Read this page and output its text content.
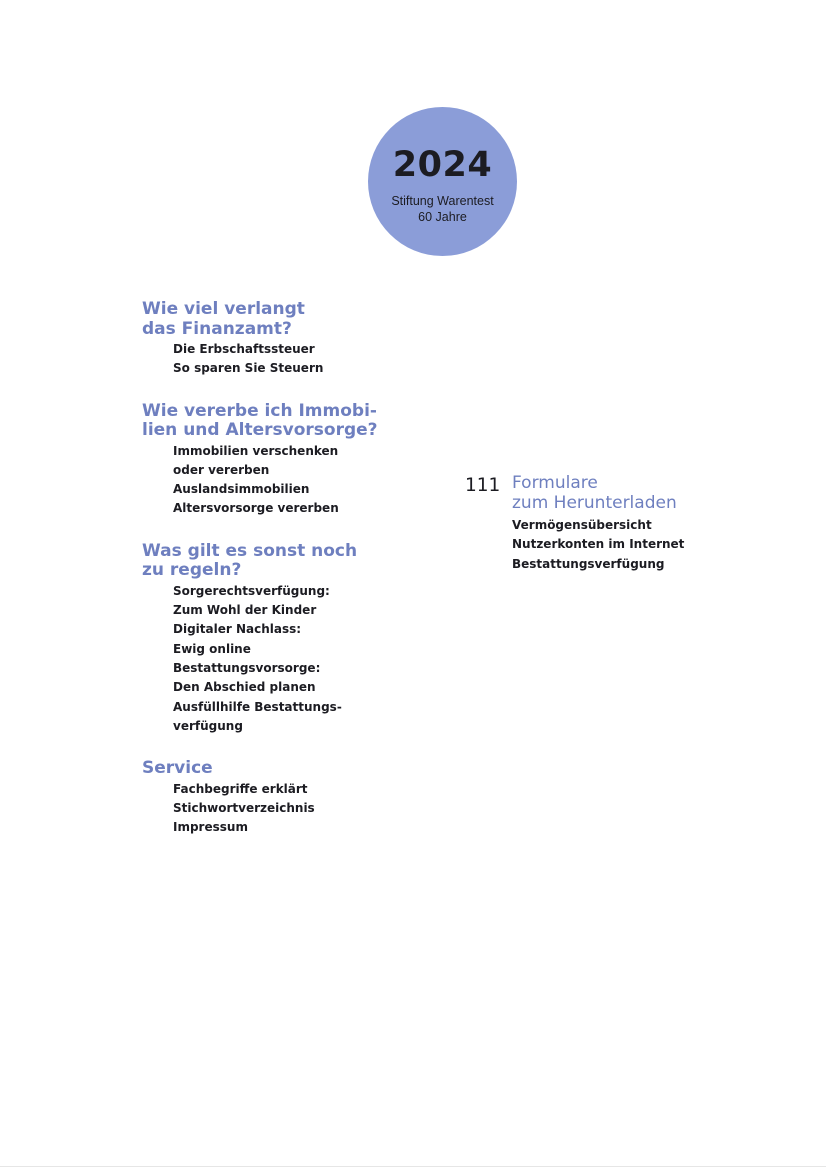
2024
Stiftung Warentest
60 Jahre
Wie viel verlangt
das Finanzamt?
Die Erbschaftssteuer
So sparen Sie Steuern
Wie vererbe ich Immobi-
lien und Altersvorsorge?
Immobilien verschenken
oder vererben
Auslandsimmobilien
Altersvorsorge vererben
Was gilt es sonst noch
zu regeln?
Sorgerechtsverfügung:
Zum Wohl der Kinder
Digitaler Nachlass:
Ewig online
Bestattungsvorsorge:
Den Abschied planen
Ausfüllhilfe Bestattungs-
verfügung
Service
Fachbegriffe erklärt
Stichwortverzeichnis
Impressum
111 Formulare
zum Herunterladen
Vermögensübersicht
Nutzerkonten im Internet
Bestattungsverfügung
